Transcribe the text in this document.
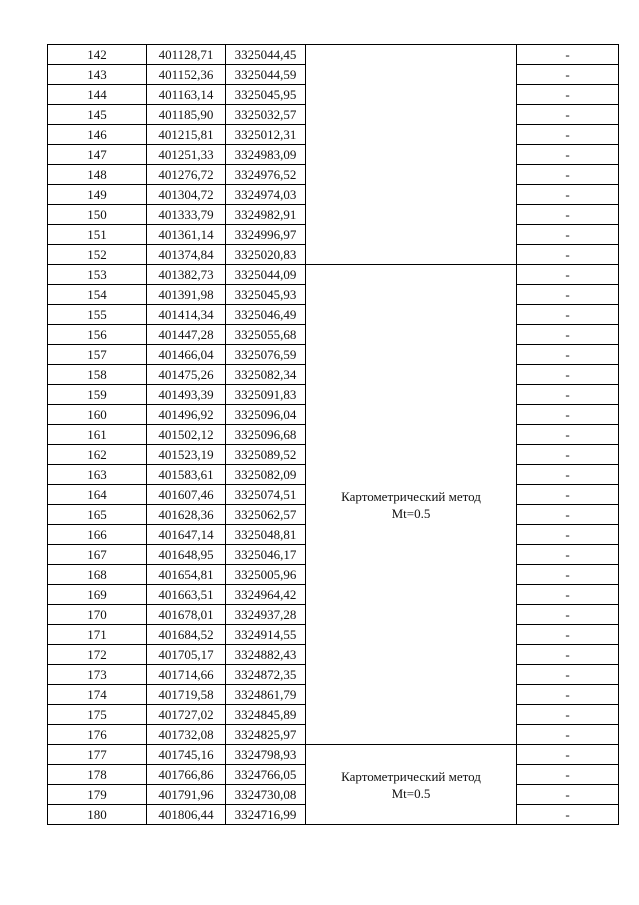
142	401128,71	3325044,45		-
143	401152,36	3325044,59		-
144	401163,14	3325045,95		-
145	401185,90	3325032,57		-
146	401215,81	3325012,31		-
147	401251,33	3324983,09		-
148	401276,72	3324976,52		-
149	401304,72	3324974,03		-
150	401333,79	3324982,91		-
151	401361,14	3324996,97		-
152	401374,84	3325020,83		-
153	401382,73	3325044,09	Картометрический метод
Mt=0.5	-
154	401391,98	3325045,93		-
155	401414,34	3325046,49		-
156	401447,28	3325055,68		-
157	401466,04	3325076,59		-
158	401475,26	3325082,34		-
159	401493,39	3325091,83		-
160	401496,92	3325096,04		-
161	401502,12	3325096,68		-
162	401523,19	3325089,52		-
163	401583,61	3325082,09		-
164	401607,46	3325074,51		-
165	401628,36	3325062,57		-
166	401647,14	3325048,81		-
167	401648,95	3325046,17		-
168	401654,81	3325005,96		-
169	401663,51	3324964,42		-
170	401678,01	3324937,28		-
171	401684,52	3324914,55		-
172	401705,17	3324882,43		-
173	401714,66	3324872,35		-
174	401719,58	3324861,79		-
175	401727,02	3324845,89		-
176	401732,08	3324825,97		-
177	401745,16	3324798,93	Картометрический метод
Mt=0.5	-
178	401766,86	3324766,05		-
179	401791,96	3324730,08		-
180	401806,44	3324716,99		-
